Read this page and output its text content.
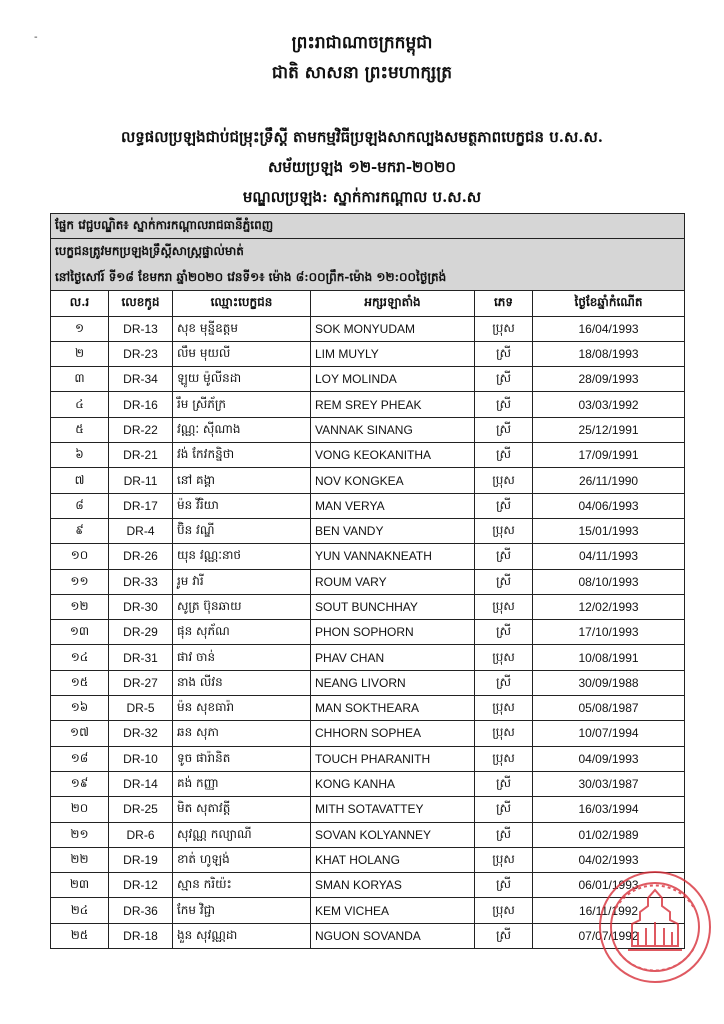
-	ព្រះរាជាណាចក្រកម្ពុជា
ជាតិ សាសនា ព្រះមហាក្សត្រ
លទ្ធផលប្រឡងជាប់ជម្រុះទ្រឹស្តី តាមកម្មវិធីប្រឡងសាកល្បងសមត្ថភាពបេក្ខជន ប.ស.ស.
សម័យប្រឡង ១២-មករា-២០២០
មណ្ឌលប្រឡង: ស្នាក់ការកណ្ដាល ប.ស.ស
ផ្នែក វេជ្ជបណ្ឌិត៖ ស្នាក់ការកណ្ដាលរាជធានីភ្នំពេញ					
បេក្ខជនត្រូវមកប្រឡងទ្រឹស្តីសាស្ត្រផ្ទាល់មាត់					
នៅថ្ងៃសៅរ៍ ទី១៨ ខែមករា ឆ្នាំ២០២០ វេនទី១៖ ម៉ោង ៨:០០ព្រឹក-ម៉ោង ១២:០០ថ្ងៃត្រង់					
ល.រ	លេខកូដ	ឈ្មោះបេក្ខជន	អក្សរឡាតាំង	ភេទ	ថ្ងៃខែឆ្នាំកំណើត
១	DR-13	សុខ មុន្នីឧត្តម	SOK MONYUDAM	ប្រុស	16/04/1993
២	DR-23	លឹម មុយលី	LIM MUYLY	ស្រី	18/08/1993
៣	DR-34	ឡូយ ម៉ូលីនដា	LOY MOLINDA	ស្រី	28/09/1993
៤	DR-16	រឹម ស្រីភ័ក្រ	REM SREY PHEAK	ស្រី	03/03/1992
៥	DR-22	វណ្ណៈ ស៊ីណាង	VANNAK SINANG	ស្រី	25/12/1991
៦	DR-21	វង់ កែវកន្និថា	VONG KEOKANITHA	ស្រី	17/09/1991
៧	DR-11	នៅ គង្គា	NOV KONGKEA	ប្រុស	26/11/1990
៨	DR-17	ម៉ន វីរិយា	MAN VERYA	ស្រី	04/06/1993
៩	DR-4	ប៊ិន វណ្ឌី	BEN VANDY	ប្រុស	15/01/1993
១០	DR-26	យុន វណ្ណៈនាថ	YUN VANNAKNEATH	ស្រី	04/11/1993
១១	DR-33	រូម វារី	ROUM VARY	ស្រី	08/10/1993
១២	DR-30	សូត្រ ប៊ុនឆាយ	SOUT BUNCHHAY	ប្រុស	12/02/1993
១៣	DR-29	ផុន សុភ័ណ	PHON SOPHORN	ស្រី	17/10/1993
១៤	DR-31	ផាវ ចាន់	PHAV CHAN	ប្រុស	10/08/1991
១៥	DR-27	នាង លីវន	NEANG LIVORN	ស្រី	30/09/1988
១៦	DR-5	ម៉ន សុខធារ៉ា	MAN SOKTHEARA	ប្រុស	05/08/1987
១៧	DR-32	ឆន សុភា	CHHORN SOPHEA	ប្រុស	10/07/1994
១៨	DR-10	ទូច ផារ៉ានិត	TOUCH PHARANITH	ប្រុស	04/09/1993
១៩	DR-14	គង់ កញ្ញា	KONG KANHA	ស្រី	30/03/1987
២០	DR-25	មិត សុតាវត្តី	MITH SOTAVATTEY	ស្រី	16/03/1994
២១	DR-6	សុវណ្ណ កល្យាណី	SOVAN KOLYANNEY	ស្រី	01/02/1989
២២	DR-19	ខាត់ ហូឡង់	KHAT HOLANG	ប្រុស	04/02/1993
២៣	DR-12	ស្មាន ករិយ៉ះ	SMAN KORYAS	ស្រី	06/01/1993
២៤	DR-36	កែម វិជ្ជា	KEM VICHEA	ប្រុស	16/11/1992
២៥	DR-18	ងួន សុវណ្ណដា	NGUON SOVANDA	ស្រី	07/07/1992
